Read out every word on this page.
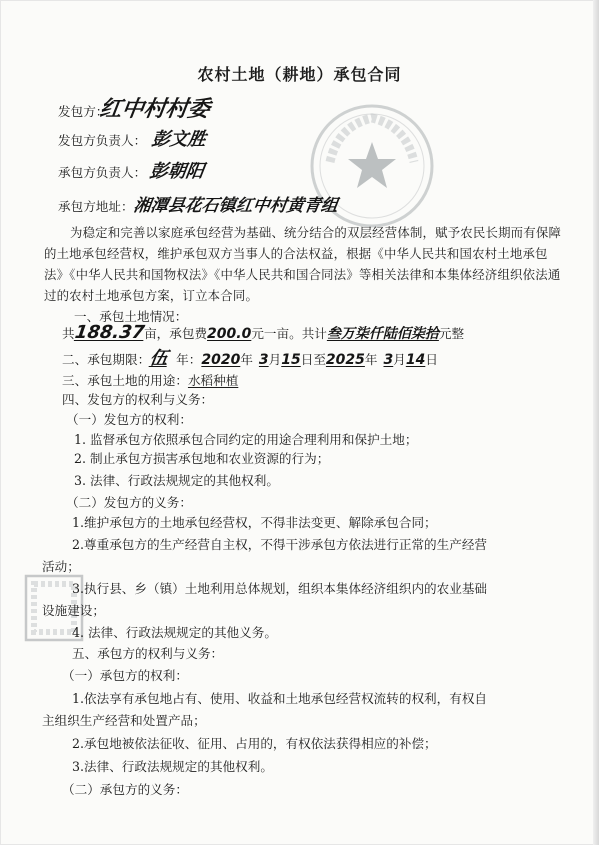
农村土地（耕地）承包合同
发包方：红中村村委
发包方负责人： 彭文胜
承包方负责人： 彭朝阳
承包方地址：湘潭县花石镇红中村黄青组
为稳定和完善以家庭承包经营为基础、统分结合的双层经营体制，赋予农民长期而有保障的土地承包经营权，维护承包双方当事人的合法权益，根据《中华人民共和国农村土地承包法》《中华人民共和国物权法》《中华人民共和国合同法》等相关法律和本集体经济组织依法通过的农村土地承包方案，订立本合同。
一、承包土地情况：
共188.37亩，承包费200.0元一亩。共计叁万柒仟陆佰柒拾元整
二、承包期限：伍 年：2020年 3月15日至2025年 3月14日
三、承包土地的用途：水稻种植
四、发包方的权利与义务：
（一）发包方的权利：
1. 监督承包方依照承包合同约定的用途合理利用和保护土地；
2. 制止承包方损害承包地和农业资源的行为；
3. 法律、行政法规规定的其他权利。
（二）发包方的义务：
1.维护承包方的土地承包经营权，不得非法变更、解除承包合同；
2.尊重承包方的生产经营自主权，不得干涉承包方依法进行正常的生产经营
活动；
3.执行县、乡（镇）土地利用总体规划，组织本集体经济组织内的农业基础
设施建设；
4. 法律、行政法规规定的其他义务。
五、承包方的权利与义务：
（一）承包方的权利：
1.依法享有承包地占有、使用、收益和土地承包经营权流转的权利，有权自
主组织生产经营和处置产品；
2.承包地被依法征收、征用、占用的，有权依法获得相应的补偿；
3.法律、行政法规规定的其他权利。
（二）承包方的义务：
